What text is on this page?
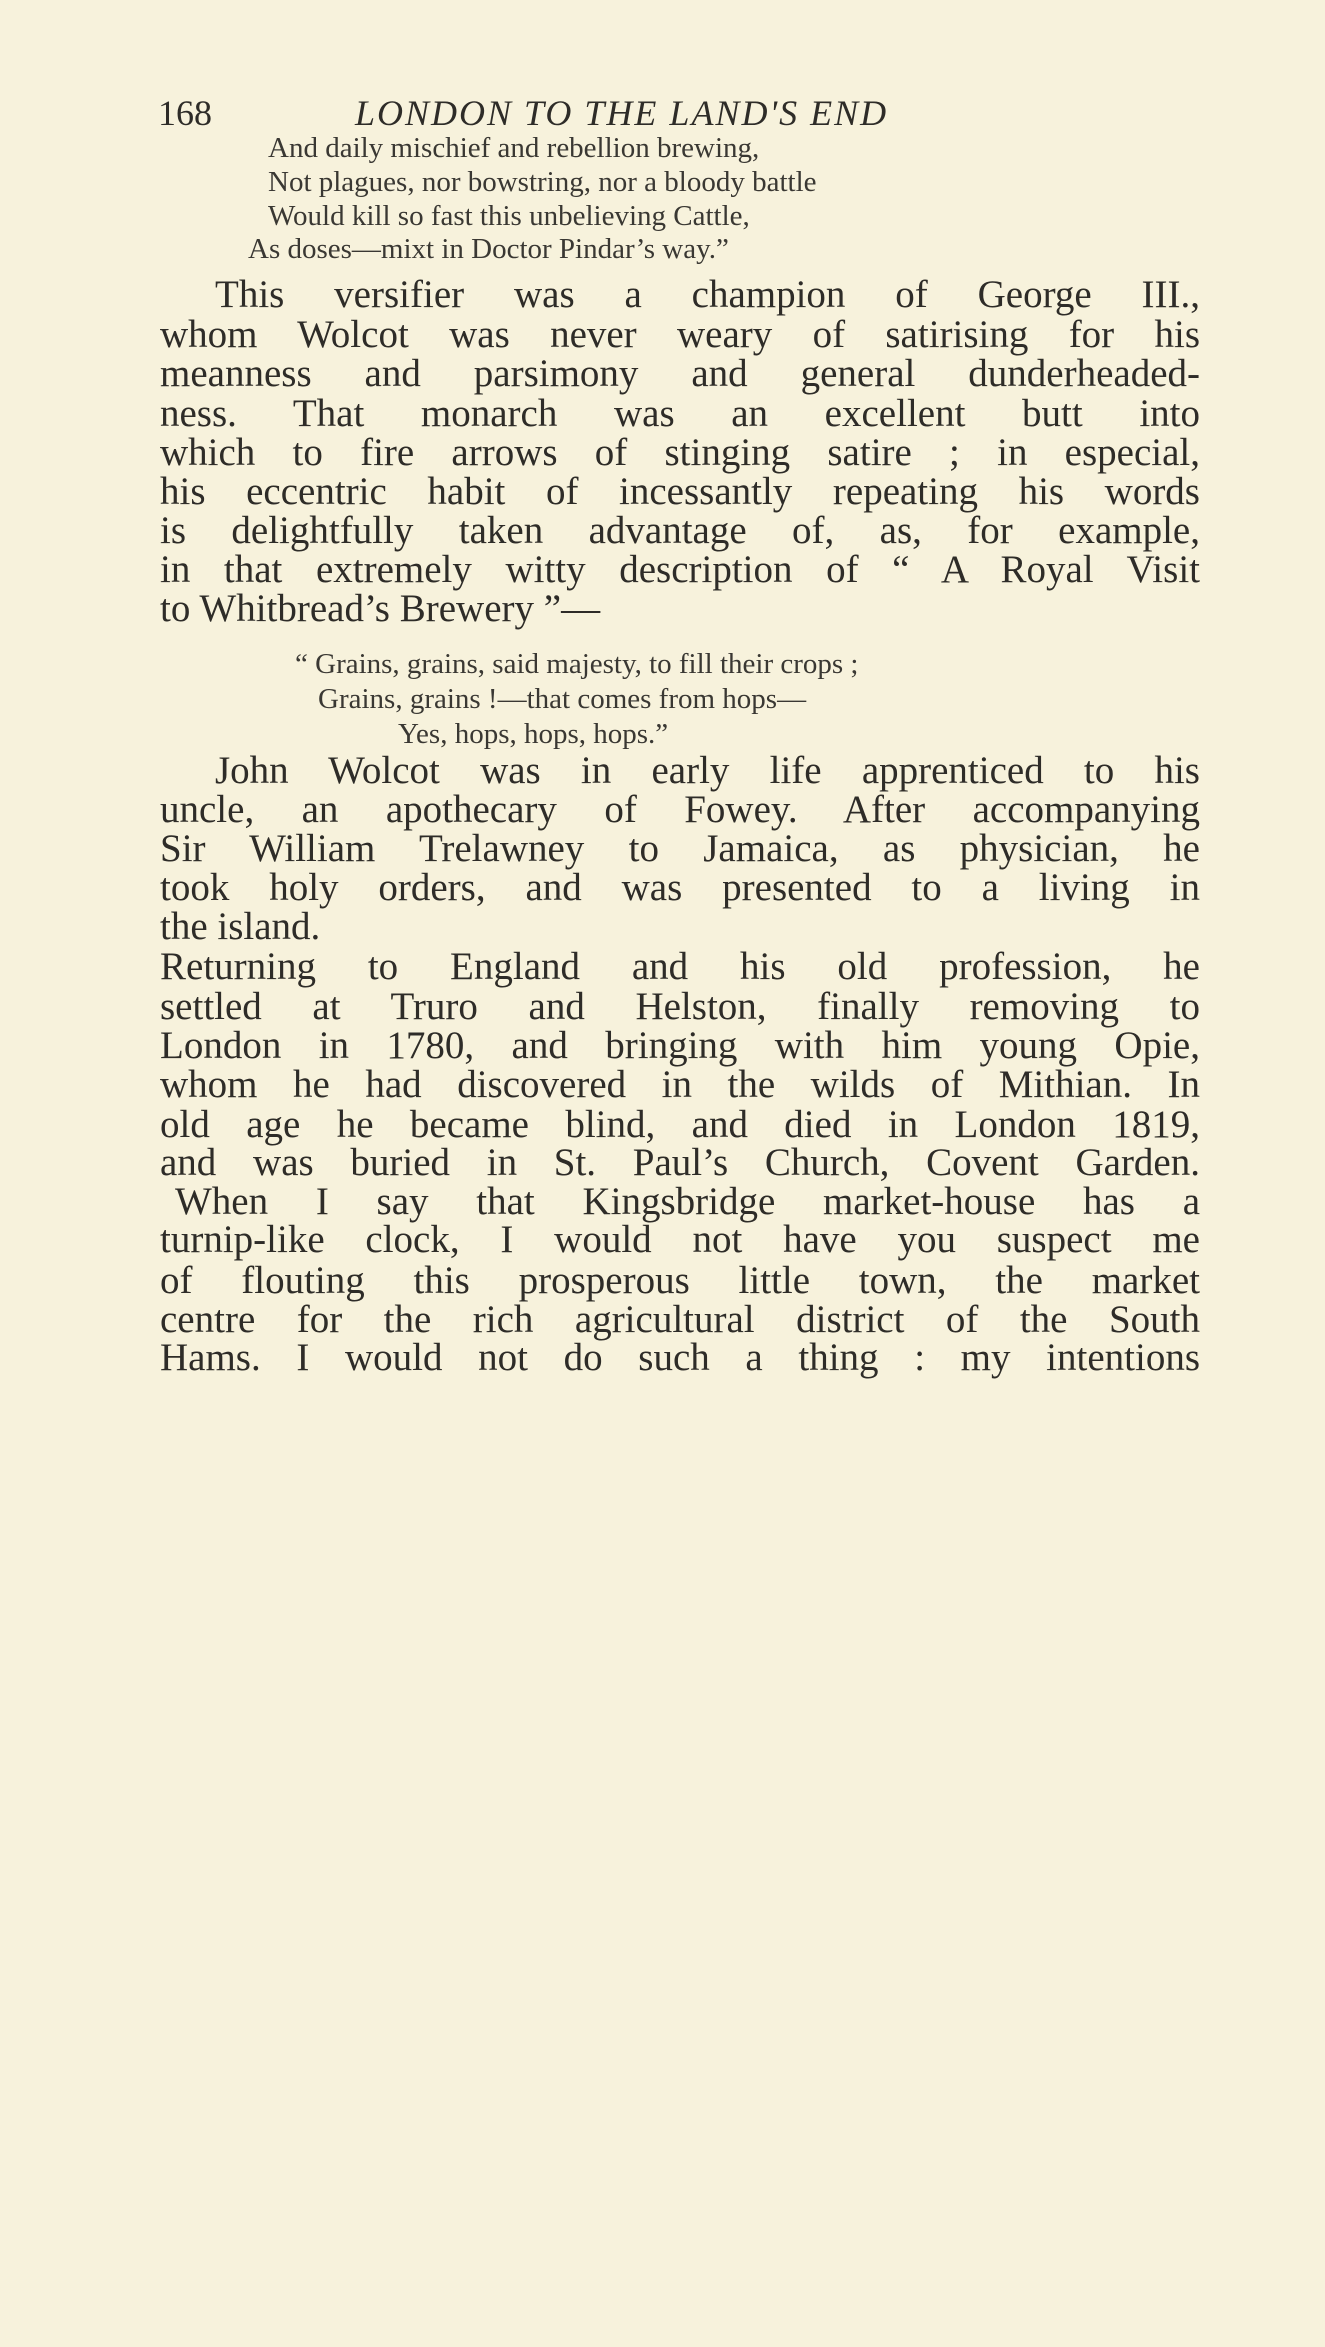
168	LONDON TO THE LAND'S END
And daily mischief and rebellion brewing,
Not plagues, nor bowstring, nor a bloody battle
Would kill so fast this unbelieving Cattle,
As doses—mixt in Doctor Pindar’s way.”
This versifier was a champion of George III.,
whom Wolcot was never weary of satirising for his
meanness and parsimony and general dunderheaded-
ness. That monarch was an excellent butt into
which to fire arrows of stinging satire ; in especial,
his eccentric habit of incessantly repeating his words
is delightfully taken advantage of, as, for example,
in that extremely witty description of “ A Royal Visit
to Whitbread’s Brewery ”—
“ Grains, grains, said majesty, to fill their crops ;
Grains, grains !—that comes from hops—
Yes, hops, hops, hops.”
John Wolcot was in early life apprenticed to his
uncle, an apothecary of Fowey. After accompanying
Sir William Trelawney to Jamaica, as physician, he
took holy orders, and was presented to a living in
the island.
Returning to England and his old profession, he
settled at Truro and Helston, finally removing to
London in 1780, and bringing with him young Opie,
whom he had discovered in the wilds of Mithian. In
old age he became blind, and died in London 1819,
and was buried in St. Paul’s Church, Covent Garden.
When I say that Kingsbridge market-house has a
turnip-like clock, I would not have you suspect me
of flouting this prosperous little town, the market
centre for the rich agricultural district of the South
Hams. I would not do such a thing : my intentions
